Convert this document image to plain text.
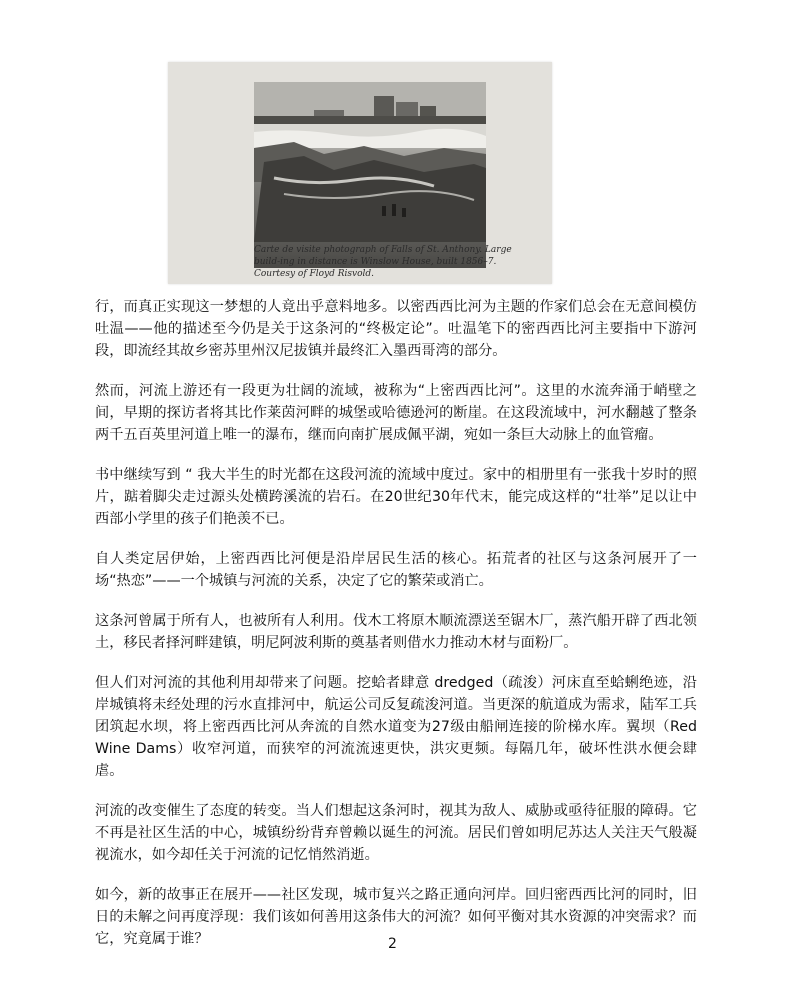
Carte de visite photograph of Falls of St. Anthony. Large build-ing in distance is Winslow House, built 1856–7. Courtesy of Floyd Risvold.

行，而真正实现这一梦想的人竟出乎意料地多。以密西西比河为主题的作家们总会在无意间模仿吐温——他的描述至今仍是关于这条河的“终极定论”。吐温笔下的密西西比河主要指中下游河段，即流经其故乡密苏里州汉尼拔镇并最终汇入墨西哥湾的部分。

然而，河流上游还有一段更为壮阔的流域，被称为“上密西西比河”。这里的水流奔涌于峭壁之间，早期的探访者将其比作莱茵河畔的城堡或哈德逊河的断崖。在这段流域中，河水翻越了整条两千五百英里河道上唯一的瀑布，继而向南扩展成佩平湖，宛如一条巨大动脉上的血管瘤。

书中继续写到 “ 我大半生的时光都在这段河流的流域中度过。家中的相册里有一张我十岁时的照片，踮着脚尖走过源头处横跨溪流的岩石。在20世纪30年代末，能完成这样的“壮举”足以让中西部小学里的孩子们艳羡不已。

自人类定居伊始，上密西西比河便是沿岸居民生活的核心。拓荒者的社区与这条河展开了一场“热恋”——一个城镇与河流的关系，决定了它的繁荣或消亡。

这条河曾属于所有人，也被所有人利用。伐木工将原木顺流漂送至锯木厂，蒸汽船开辟了西北领土，移民者择河畔建镇，明尼阿波利斯的奠基者则借水力推动木材与面粉厂。

但人们对河流的其他利用却带来了问题。挖蛤者肆意 dredged（疏浚）河床直至蛤蜊绝迹，沿岸城镇将未经处理的污水直排河中，航运公司反复疏浚河道。当更深的航道成为需求，陆军工兵团筑起水坝，将上密西西比河从奔流的自然水道变为27级由船闸连接的阶梯水库。翼坝（Red Wine Dams）收窄河道，而狭窄的河流流速更快，洪灾更频。每隔几年，破坏性洪水便会肆虐。

河流的改变催生了态度的转变。当人们想起这条河时，视其为敌人、威胁或亟待征服的障碍。它不再是社区生活的中心，城镇纷纷背弃曾赖以诞生的河流。居民们曾如明尼苏达人关注天气般凝视流水，如今却任关于河流的记忆悄然消逝。

如今，新的故事正在展开——社区发现，城市复兴之路正通向河岸。回归密西西比河的同时，旧日的未解之问再度浮现：我们该如何善用这条伟大的河流？如何平衡对其水资源的冲突需求？而它，究竟属于谁？	2
